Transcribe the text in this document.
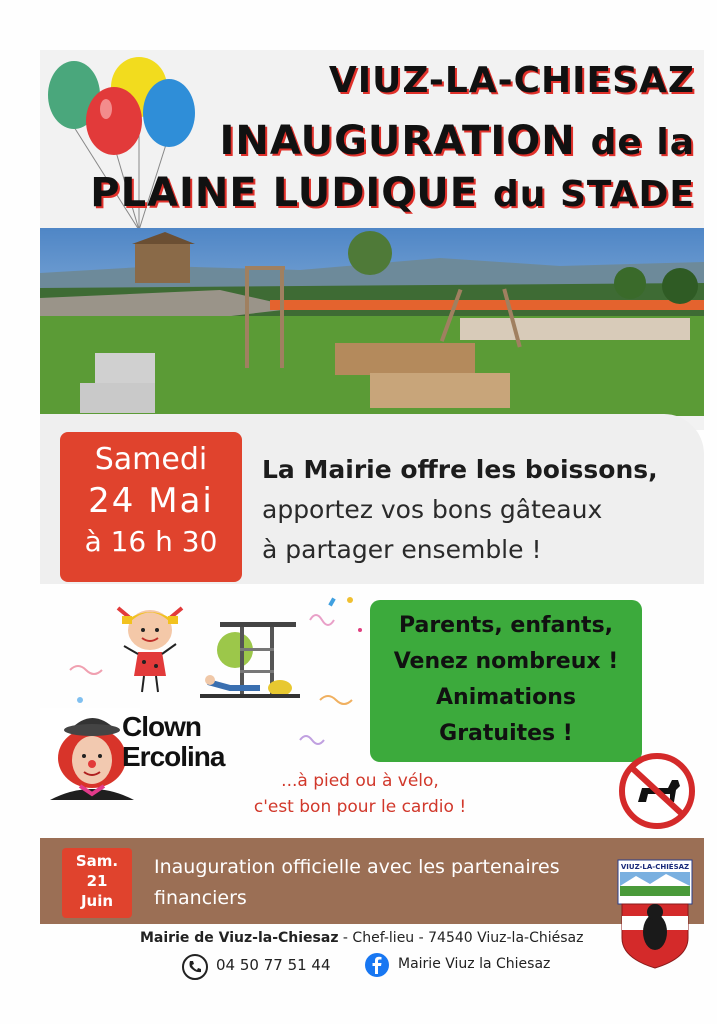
VIUZ-LA-CHIESAZ
INAUGURATION de la
PLAINE LUDIQUE du STADE
Samedi
24 Mai
à 16 h 30
La Mairie offre les boissons,
apportez vos bons gâteaux
à partager ensemble !
Parents, enfants,
Venez nombreux !
Animations
Gratuites !
Clown
Ercolina
...à pied ou à vélo,
c'est bon pour le cardio !
Sam.
21
Juin
Inauguration officielle avec les partenaires financiers
VIUZ-LA-CHIÉSAZ
Mairie de Viuz-la-Chiesaz - Chef-lieu - 74540 Viuz-la-Chiésaz
04 50 77 51 44	Mairie Viuz la Chiesaz
